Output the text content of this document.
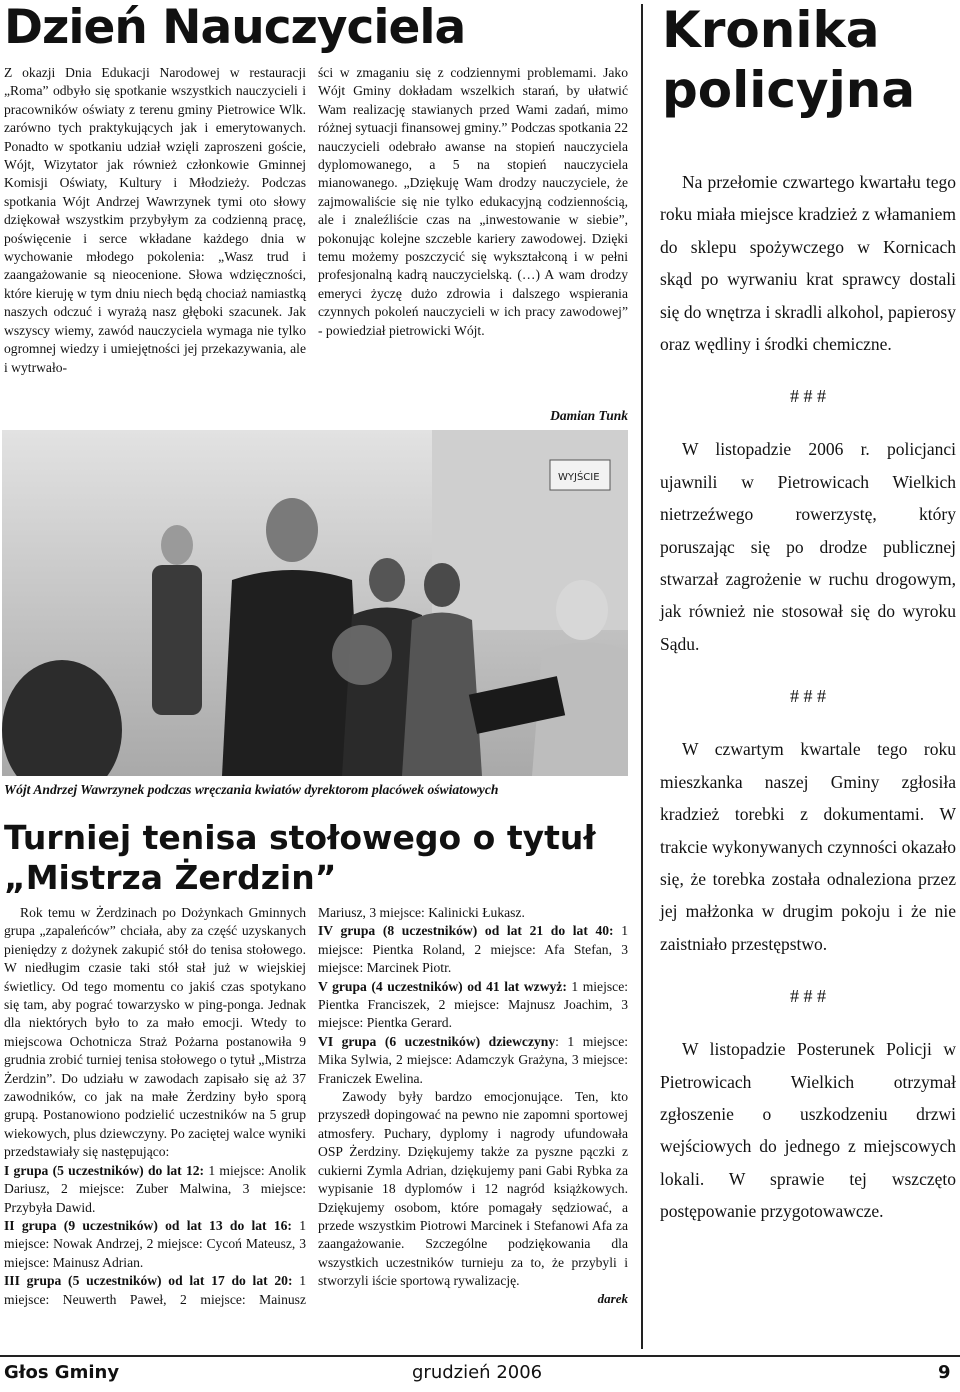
Dzień Nauczyciela

Z okazji Dnia Edukacji Narodowej w restauracji „Roma” odbyło się spotkanie wszystkich nauczycieli i pracowników oświaty z terenu gminy Pietrowice Wlk. zarówno tych praktykujących jak i emerytowanych. Ponadto w spotkaniu udział wzięli zaproszeni goście, Wójt, Wizytator jak również członkowie Gminnej Komisji Oświaty, Kultury i Młodzieży. Podczas spotkania Wójt Andrzej Wawrzynek tymi oto słowy dziękował wszystkim przybyłym za codzienną pracę, poświęcenie i serce wkładane każdego dnia w wychowanie młodego pokolenia: „Wasz trud i zaangażowanie są nieocenione. Słowa wdzięczności, które kieruję w tym dniu niech będą chociaż namiastką naszych odczuć i wyrażą nasz głęboki szacunek. Jak wszyscy wiemy, zawód nauczyciela wymaga nie tylko ogromnej wiedzy i umiejętności jej przekazywania, ale i wytrwało-

ści w zmaganiu się z codziennymi problemami. Jako Wójt Gminy dokładam wszelkich starań, by ułatwić Wam realizację stawianych przed Wami zadań, mimo różnej sytuacji finansowej gminy.” Podczas spotkania 22 nauczycieli odebrało awanse na stopień nauczyciela dyplomowanego, a 5 na stopień nauczyciela mianowanego. „Dziękuję Wam drodzy nauczyciele, że zajmowaliście się nie tylko edukacyjną codziennością, ale i znaleźliście czas na „inwestowanie w siebie”, pokonując kolejne szczeble kariery zawodowej. Dzięki temu możemy poszczycić się wykształconą i w pełni profesjonalną kadrą nauczycielską. (…) A wam drodzy emeryci życzę dużo zdrowia i dalszego wspierania czynnych pokoleń nauczycieli w ich pracy zawodowej” - powiedział pietrowicki Wójt.

Damian Tunk

WYJŚCIE

Wójt Andrzej Wawrzynek podczas wręczania kwiatów dyrektorom placówek oświatowych

Turniej tenisa stołowego o tytuł
„Mistrza Żerdzin”

Rok temu w Żerdzinach po Dożynkach Gminnych grupa „zapaleńców” chciała, aby za część uzyskanych pieniędzy z dożynek zakupić stół do tenisa stołowego. W niedługim czasie taki stół stał już w wiejskiej świetlicy. Od tego momentu co jakiś czas spotykano się tam, aby pograć towarzysko w ping-ponga. Jednak dla niektórych było to za mało emocji. Wtedy to miejscowa Ochotnicza Straż Pożarna postanowiła 9 grudnia zrobić turniej tenisa stołowego o tytuł „Mistrza Żerdzin”. Do udziału w zawodach zapisało się aż 37 zawodników, co jak na małe Żerdziny było sporą grupą. Postanowiono podzielić uczestników na 5 grup wiekowych, plus dziewczyny. Po zaciętej walce wyniki przedstawiały się następująco:

I grupa (5 uczestników) do lat 12: 1 miejsce: Anolik Dariusz, 2 miejsce: Zuber Malwina, 3 miejsce: Przybyła Dawid.

II grupa (9 uczestników) od lat 13 do lat 16: 1 miejsce: Nowak Andrzej, 2 miejsce: Cycoń Mateusz, 3 miejsce: Mainusz Adrian.

III grupa (5 uczestników) od lat 17 do lat 20: 1 miejsce: Neuwerth Paweł, 2 miejsce: Mainusz

Mariusz, 3 miejsce: Kalinicki Łukasz.

IV grupa (8 uczestników) od lat 21 do lat 40: 1 miejsce: Pientka Roland, 2 miejsce: Afa Stefan, 3 miejsce: Marcinek Piotr.

V grupa (4 uczestników) od 41 lat wzwyż: 1 miejsce: Pientka Franciszek, 2 miejsce: Majnusz Joachim, 3 miejsce: Pientka Gerard.

VI grupa (6 uczestników) dziewczyny: 1 miejsce: Mika Sylwia, 2 miejsce: Adamczyk Grażyna, 3 miejsce: Franiczek Ewelina.

Zawody były bardzo emocjonujące. Ten, kto przyszedł dopingować na pewno nie zapomni sportowej atmosfery. Puchary, dyplomy i nagrody ufundowała OSP Żerdziny. Dziękujemy także za pyszne pączki z cukierni Zymla Adrian, dziękujemy pani Gabi Rybka za wypisanie 18 dyplomów i 12 nagród książkowych. Dziękujemy osobom, które pomagały sędziować, a przede wszystkim Piotrowi Marcinek i Stefanowi Afa za zaangażowanie. Szczególne podziękowania dla wszystkich uczestników turnieju za to, że przybyli i stworzyli iście sportową rywalizację.

darek

Kronika
policyjna

Na przełomie czwartego kwartału tego roku miała miejsce kradzież z włamaniem do sklepu spożywczego w Kornicach skąd po wyrwaniu krat sprawcy dostali się do wnętrza i skradli alkohol, papierosy oraz wędliny i środki chemiczne.

# # #

W listopadzie 2006 r. policjanci ujawnili w Pietrowicach Wielkich nietrzeźwego rowerzystę, który poruszając się po drodze publicznej stwarzał zagrożenie w ruchu drogowym, jak również nie stosował się do wyroku Sądu.

# # #

W czwartym kwartale tego roku mieszkanka naszej Gminy zgłosiła kradzież torebki z dokumentami. W trakcie wykonywanych czynności okazało się, że torebka została odnaleziona przez jej małżonka w drugim pokoju i że nie zaistniało przestępstwo.

# # #

W listopadzie Posterunek Policji w Pietrowicach Wielkich otrzymał zgłoszenie o uszkodzeniu drzwi wejściowych do jednego z miejscowych lokali. W sprawie tej wszczęto postępowanie przygotowawcze.

Głos Gminy	grudzień 2006	9
